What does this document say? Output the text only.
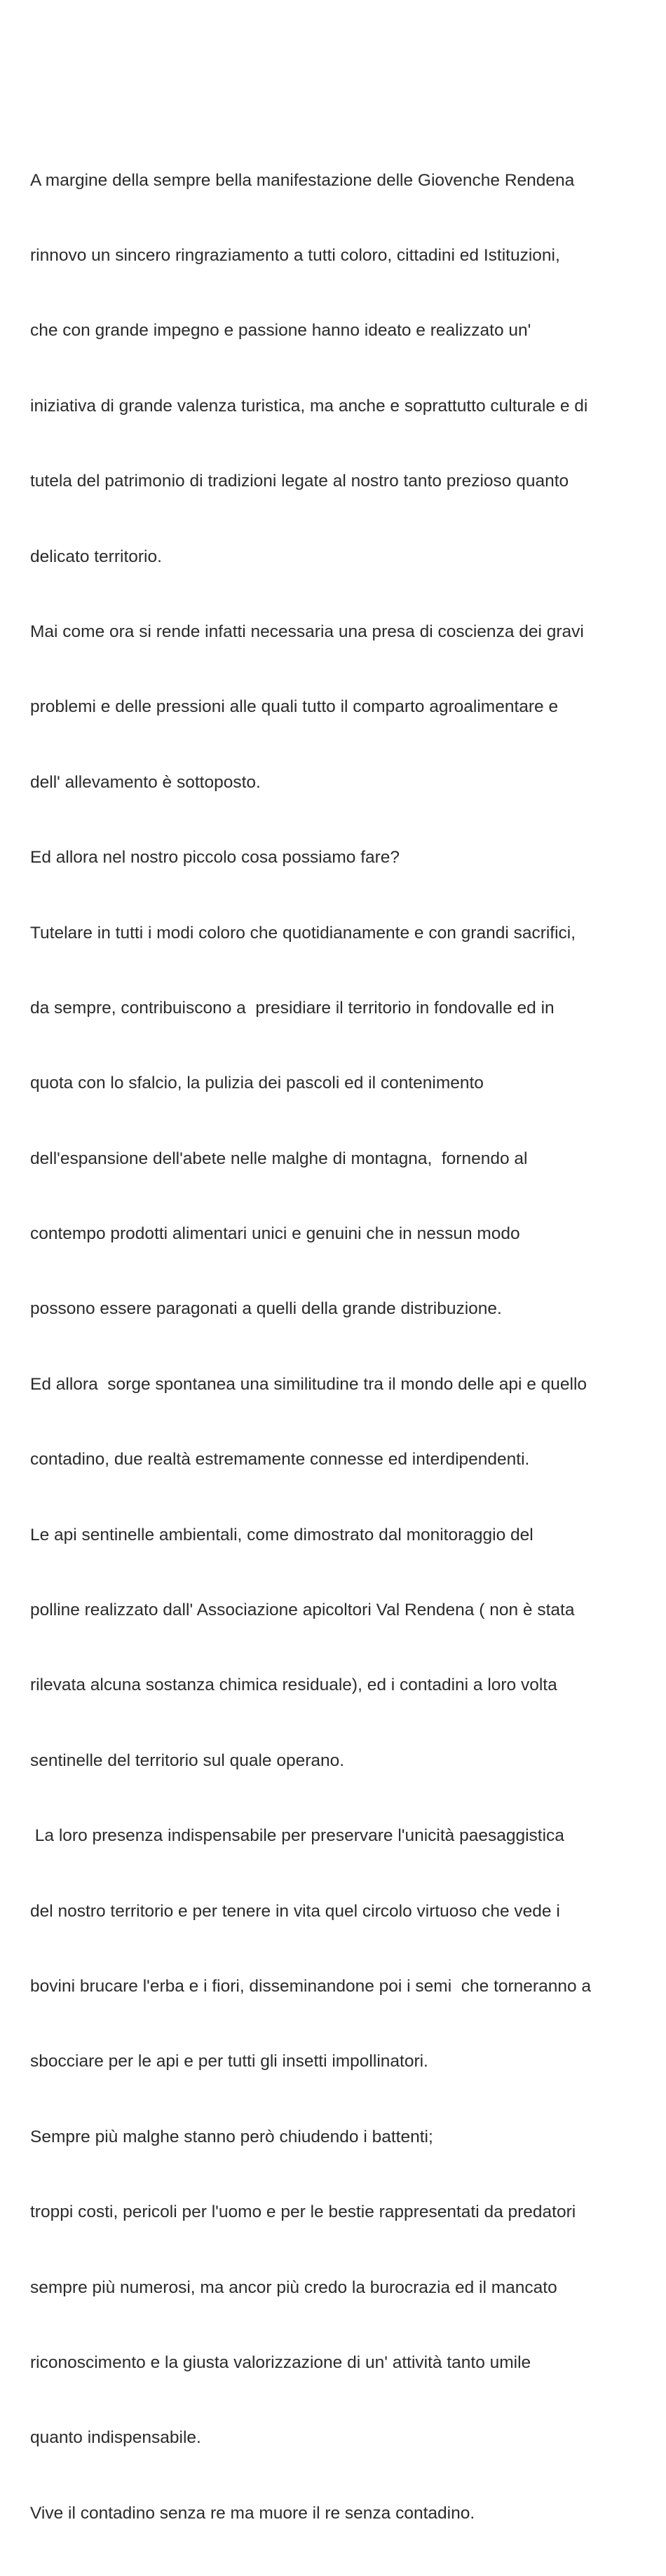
A margine della sempre bella manifestazione delle Giovenche Rendena

rinnovo un sincero ringraziamento a tutti coloro, cittadini ed Istituzioni,

che con grande impegno e passione hanno ideato e realizzato un'

iniziativa di grande valenza turistica, ma anche e soprattutto culturale e di

tutela del patrimonio di tradizioni legate al nostro tanto prezioso quanto

delicato territorio.

Mai come ora si rende infatti necessaria una presa di coscienza dei gravi

problemi e delle pressioni alle quali tutto il comparto agroalimentare e

dell' allevamento è sottoposto.

Ed allora nel nostro piccolo cosa possiamo fare?

Tutelare in tutti i modi coloro che quotidianamente e con grandi sacrifici,

da sempre, contribuiscono a  presidiare il territorio in fondovalle ed in

quota con lo sfalcio, la pulizia dei pascoli ed il contenimento

dell'espansione dell'abete nelle malghe di montagna,  fornendo al

contempo prodotti alimentari unici e genuini che in nessun modo

possono essere paragonati a quelli della grande distribuzione.

Ed allora  sorge spontanea una similitudine tra il mondo delle api e quello

contadino, due realtà estremamente connesse ed interdipendenti.

Le api sentinelle ambientali, come dimostrato dal monitoraggio del

polline realizzato dall' Associazione apicoltori Val Rendena ( non è stata

rilevata alcuna sostanza chimica residuale), ed i contadini a loro volta

sentinelle del territorio sul quale operano.

La loro presenza indispensabile per preservare l'unicità paesaggistica

del nostro territorio e per tenere in vita quel circolo virtuoso che vede i

bovini brucare l'erba e i fiori, disseminandone poi i semi  che torneranno a

sbocciare per le api e per tutti gli insetti impollinatori.

Sempre più malghe stanno però chiudendo i battenti;

troppi costi, pericoli per l'uomo e per le bestie rappresentati da predatori

sempre più numerosi, ma ancor più credo la burocrazia ed il mancato

riconoscimento e la giusta valorizzazione di un' attività tanto umile

quanto indispensabile.

Vive il contadino senza re ma muore il re senza contadino.
